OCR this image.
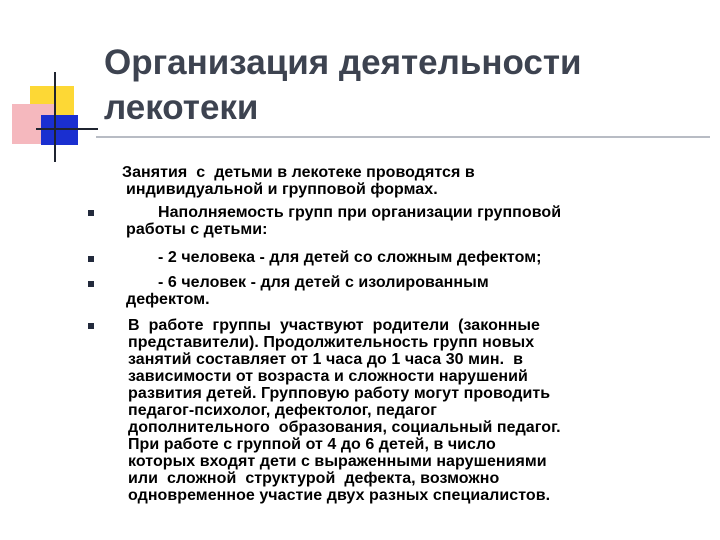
Организация деятельности
лекотеки
Занятия  с  детьми в лекотеке проводятся в
индивидуальной и групповой формах.
Наполняемость групп при организации групповой
работы с детьми:
- 2 человека - для детей со сложным дефектом;
- 6 человек - для детей с изолированным
дефектом.
В  работе  группы  участвуют  родители  (законные
представители). Продолжительность групп новых
занятий составляет от 1 часа до 1 часа 30 мин.  в
зависимости от возраста и сложности нарушений
развития детей. Групповую работу могут проводить
педагог-психолог, дефектолог, педагог
дополнительного  образования, социальный педагог.
При работе с группой от 4 до 6 детей, в число
которых входят дети с выраженными нарушениями
или  сложной  структурой  дефекта, возможно
одновременное участие двух разных специалистов.
